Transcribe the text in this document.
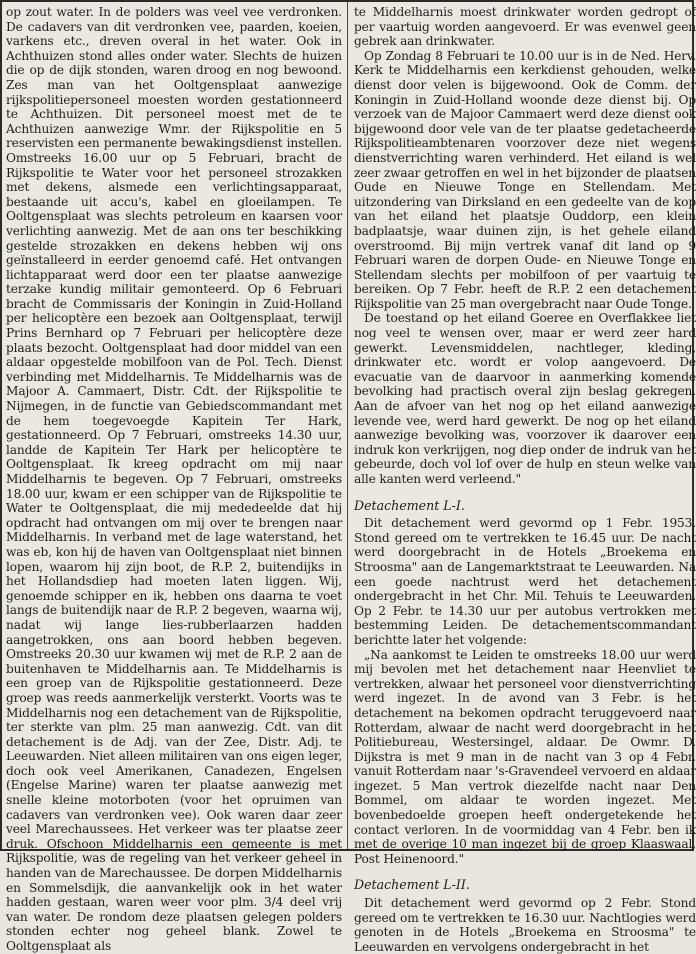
op zout water. In de polders was veel vee verdronken. De cadavers van dit verdronken vee, paarden, koeien, varkens etc., dreven overal in het water. Ook in Achthuizen stond alles onder water. Slechts de huizen die op de dijk stonden, waren droog en nog bewoond. Zes man van het Ooltgensplaat aanwezige rijkspolitiepersoneel moesten worden gestationneerd te Achthuizen. Dit personeel moest met de te Achthuizen aanwezige Wmr. der Rijkspolitie en 5 reservisten een permanente bewakingsdienst instellen. Omstreeks 16.00 uur op 5 Februari, bracht de Rijkspolitie te Water voor het personeel strozakken met dekens, alsmede een verlichtingsapparaat, bestaande uit accu's, kabel en gloeilampen. Te Ooltgensplaat was slechts petroleum en kaarsen voor verlichting aanwezig. Met de aan ons ter beschikking gestelde strozakken en dekens hebben wij ons geïnstalleerd in eerder genoemd café. Het ontvangen lichtapparaat werd door een ter plaatse aanwezige terzake kundig militair gemonteerd. Op 6 Februari bracht de Commissaris der Koningin in Zuid-Holland per helicoptère een bezoek aan Ooltgensplaat, terwijl Prins Bernhard op 7 Februari per helicoptère deze plaats bezocht. Ooltgensplaat had door middel van een aldaar opgestelde mobilfoon van de Pol. Tech. Dienst verbinding met Middelharnis. Te Middelharnis was de Majoor A. Cammaert, Distr. Cdt. der Rijkspolitie te Nijmegen, in de functie van Gebiedscommandant met de hem toegevoegde Kapitein Ter Hark, gestationneerd. Op 7 Februari, omstreeks 14.30 uur, landde de Kapitein Ter Hark per helicoptère te Ooltgensplaat. Ik kreeg opdracht om mij naar Middelharnis te begeven. Op 7 Februari, omstreeks 18.00 uur, kwam er een schipper van de Rijkspolitie te Water te Ooltgensplaat, die mij mededeelde dat hij opdracht had ontvangen om mij over te brengen naar Middelharnis. In verband met de lage waterstand, het was eb, kon hij de haven van Ooltgensplaat niet binnen lopen, waarom hij zijn boot, de R.P. 2, buitendijks in het Hollandsdiep had moeten laten liggen. Wij, genoemde schipper en ik, hebben ons daarna te voet langs de buitendijk naar de R.P. 2 begeven, waarna wij, nadat wij lange lies-rubberlaarzen hadden aangetrokken, ons aan boord hebben begeven. Omstreeks 20.30 uur kwamen wij met de R.P. 2 aan de buitenhaven te Middelharnis aan. Te Middelharnis is een groep van de Rijkspolitie gestationneerd. Deze groep was reeds aanmerkelijk versterkt. Voorts was te Middelharnis nog een detachement van de Rijkspolitie, ter sterkte van plm. 25 man aanwezig. Cdt. van dit detachement is de Adj. van der Zee, Distr. Adj. te Leeuwarden. Niet alleen militairen van ons eigen leger, doch ook veel Amerikanen, Canadezen, Engelsen (Engelse Marine) waren ter plaatse aanwezig met snelle kleine motorboten (voor het opruimen van cadavers van verdronken vee). Ook waren daar zeer veel Marechaussees. Het verkeer was ter plaatse zeer druk. Ofschoon Middelharnis een gemeente is met Rijkspolitie, was de regeling van het verkeer geheel in handen van de Marechaussee. De dorpen Middelharnis en Sommelsdijk, die aanvankelijk ook in het water hadden gestaan, waren weer voor plm. 3/4 deel vrij van water. De rondom deze plaatsen gelegen polders stonden echter nog geheel blank. Zowel te Ooltgensplaat als

te Middelharnis moest drinkwater worden gedropt of per vaartuig worden aangevoerd. Er was evenwel geen gebrek aan drinkwater.

Op Zondag 8 Februari te 10.00 uur is in de Ned. Herv. Kerk te Middelharnis een kerkdienst gehouden, welke dienst door velen is bijgewoond. Ook de Comm. der Koningin in Zuid-Holland woonde deze dienst bij. Op verzoek van de Majoor Cammaert werd deze dienst ook bijgewoond door vele van de ter plaatse gedetacheerde Rijkspolitieambtenaren voorzover deze niet wegens dienstverrichting waren verhinderd. Het eiland is wel zeer zwaar getroffen en wel in het bijzonder de plaatsen Oude en Nieuwe Tonge en Stellendam. Met uitzondering van Dirksland en een gedeelte van de kop van het eiland het plaatsje Ouddorp, een klein badplaatsje, waar duinen zijn, is het gehele eiland overstroomd. Bij mijn vertrek vanaf dit land op 9 Februari waren de dorpen Oude- en Nieuwe Tonge en Stellendam slechts per mobilfoon of per vaartuig te bereiken. Op 7 Febr. heeft de R.P. 2 een detachement Rijkspolitie van 25 man overgebracht naar Oude Tonge.

De toestand op het eiland Goeree en Overflakkee liet nog veel te wensen over, maar er werd zeer hard gewerkt. Levensmiddelen, nachtleger, kleding, drinkwater etc. wordt er volop aangevoerd. De evacuatie van de daarvoor in aanmerking komende bevolking had practisch overal zijn beslag gekregen. Aan de afvoer van het nog op het eiland aanwezige levende vee, werd hard gewerkt. De nog op het eiland aanwezige bevolking was, voorzover ik daarover een indruk kon verkrijgen, nog diep onder de indruk van het gebeurde, doch vol lof over de hulp en steun welke van alle kanten werd verleend."

Detachement L-I.

Dit detachement werd gevormd op 1 Febr. 1953. Stond gereed om te vertrekken te 16.45 uur. De nacht werd doorgebracht in de Hotels „Broekema en Stroosma" aan de Langemarktstraat te Leeuwarden. Na een goede nachtrust werd het detachement ondergebracht in het Chr. Mil. Tehuis te Leeuwarden. Op 2 Febr. te 14.30 uur per autobus vertrokken met bestemming Leiden. De detachementscommandant berichtte later het volgende:

„Na aankomst te Leiden te omstreeks 18.00 uur werd mij bevolen met het detachement naar Heenvliet te vertrekken, alwaar het personeel voor dienstverrichting werd ingezet. In de avond van 3 Febr. is het detachement na bekomen opdracht teruggevoerd naar Rotterdam, alwaar de nacht werd doorgebracht in het Politiebureau, Westersingel, aldaar. De Owmr. D. Dijkstra is met 9 man in de nacht van 3 op 4 Febr. vanuit Rotterdam naar 's-Gravendeel vervoerd en aldaar ingezet. 5 Man vertrok diezelfde nacht naar Den Bommel, om aldaar te worden ingezet. Met bovenbedoelde groepen heeft ondergetekende het contact verloren. In de voormiddag van 4 Febr. ben ik met de overige 10 man ingezet bij de groep Klaaswaal, Post Heinenoord."

Detachement L-II.

Dit detachement werd gevormd op 2 Febr. Stond gereed om te vertrekken te 16.30 uur. Nachtlogies werd genoten in de Hotels „Broekema en Stroosma" te Leeuwarden en vervolgens ondergebracht in het
